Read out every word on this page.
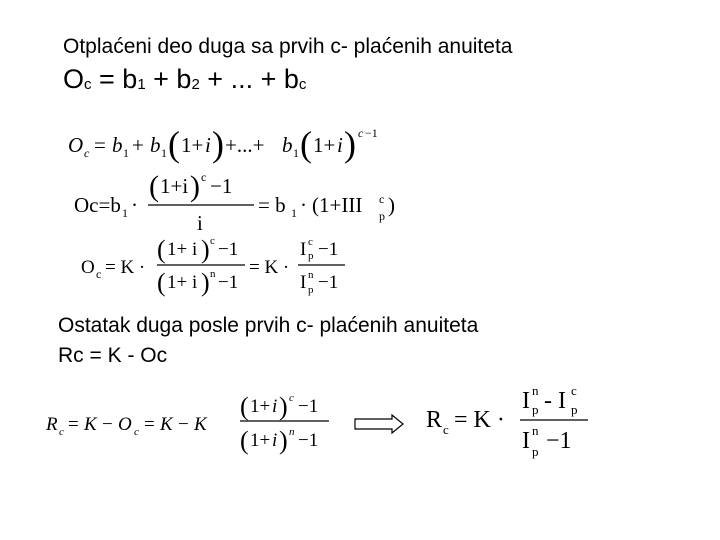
Otplaćeni deo duga sa prvih c- plaćenih anuiteta
$O_c = b_1 + b_2$ + ... + $b_c$
O c = b 1 + b 1 ( 1+ i ) +...+ b 1 ( 1+ i ) c −1
Oc=b 1 ·
( 1+i ) c −1
i
= b 1 · (1+III c
p )
O c = K ·
( 1+ i ) c −1
( 1+ i ) n −1
= K ·
I c
p −1
I n
p −1
Ostatak duga posle prvih c- plaćenih anuiteta
Rc = K - Oc
R c = K − O c = K − K
( 1+ i ) c −1
( 1+ i ) n −1
R c = K ·
I n
p - I c
p
I n
p −1
